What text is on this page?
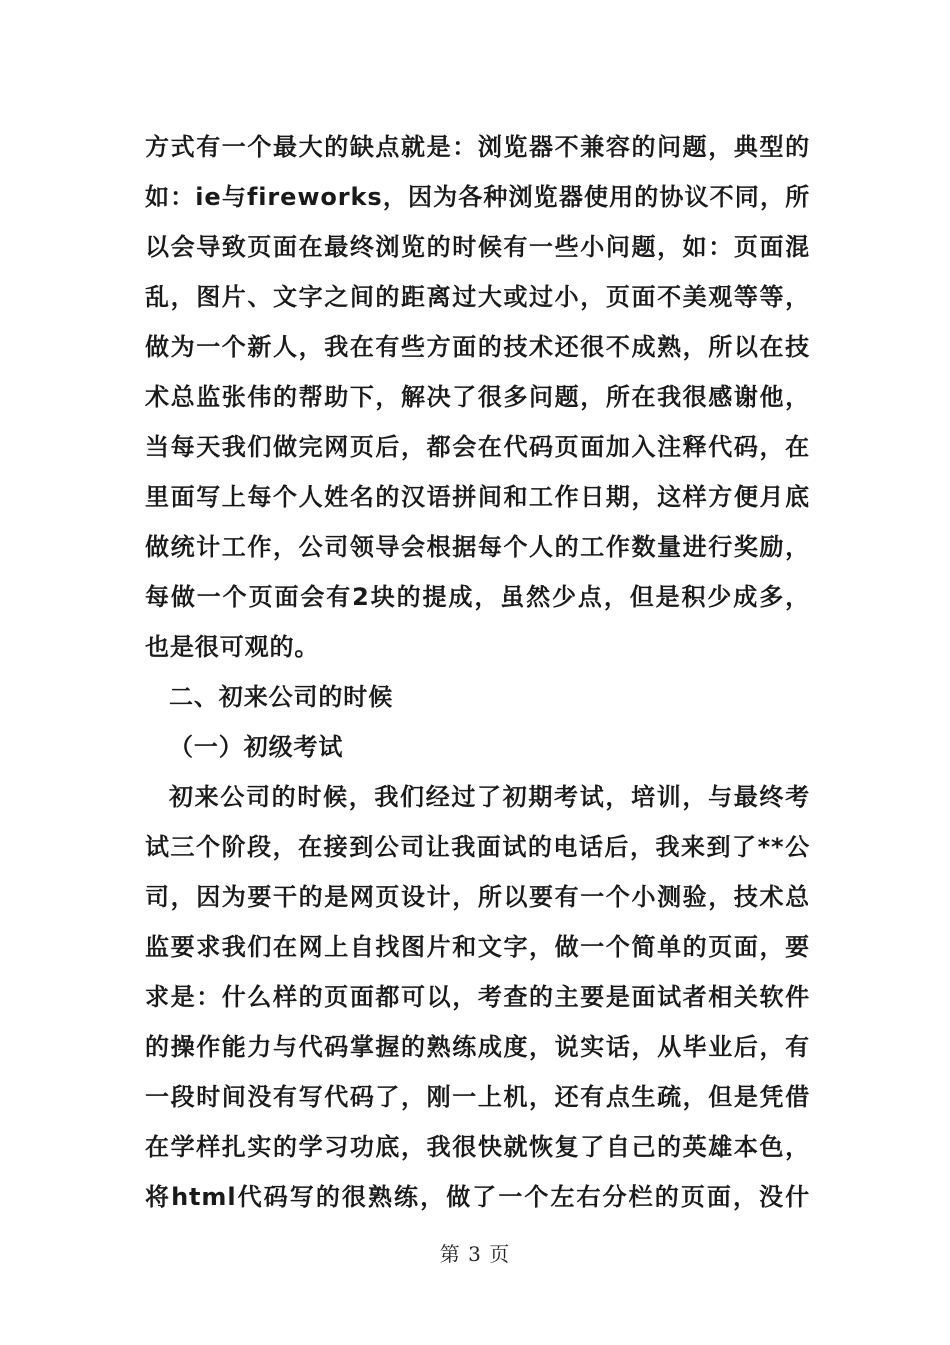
方式有一个最大的缺点就是：浏览器不兼容的问题，典型的
如：ie与fireworks，因为各种浏览器使用的协议不同，所
以会导致页面在最终浏览的时候有一些小问题，如：页面混
乱，图片、文字之间的距离过大或过小，页面不美观等等，
做为一个新人，我在有些方面的技术还很不成熟，所以在技
术总监张伟的帮助下，解决了很多问题，所在我很感谢他，
当每天我们做完网页后，都会在代码页面加入注释代码，在
里面写上每个人姓名的汉语拼间和工作日期，这样方便月底
做统计工作，公司领导会根据每个人的工作数量进行奖励，
每做一个页面会有2块的提成，虽然少点，但是积少成多，
也是很可观的。
二、初来公司的时候
（一）初级考试
初来公司的时候，我们经过了初期考试，培训，与最终考
试三个阶段，在接到公司让我面试的电话后，我来到了**公
司，因为要干的是网页设计，所以要有一个小测验，技术总
监要求我们在网上自找图片和文字，做一个简单的页面，要
求是：什么样的页面都可以，考查的主要是面试者相关软件
的操作能力与代码掌握的熟练成度，说实话，从毕业后，有
一段时间没有写代码了，刚一上机，还有点生疏，但是凭借
在学样扎实的学习功底，我很快就恢复了自己的英雄本色，
将html代码写的很熟练，做了一个左右分栏的页面，没什
第 3 页
